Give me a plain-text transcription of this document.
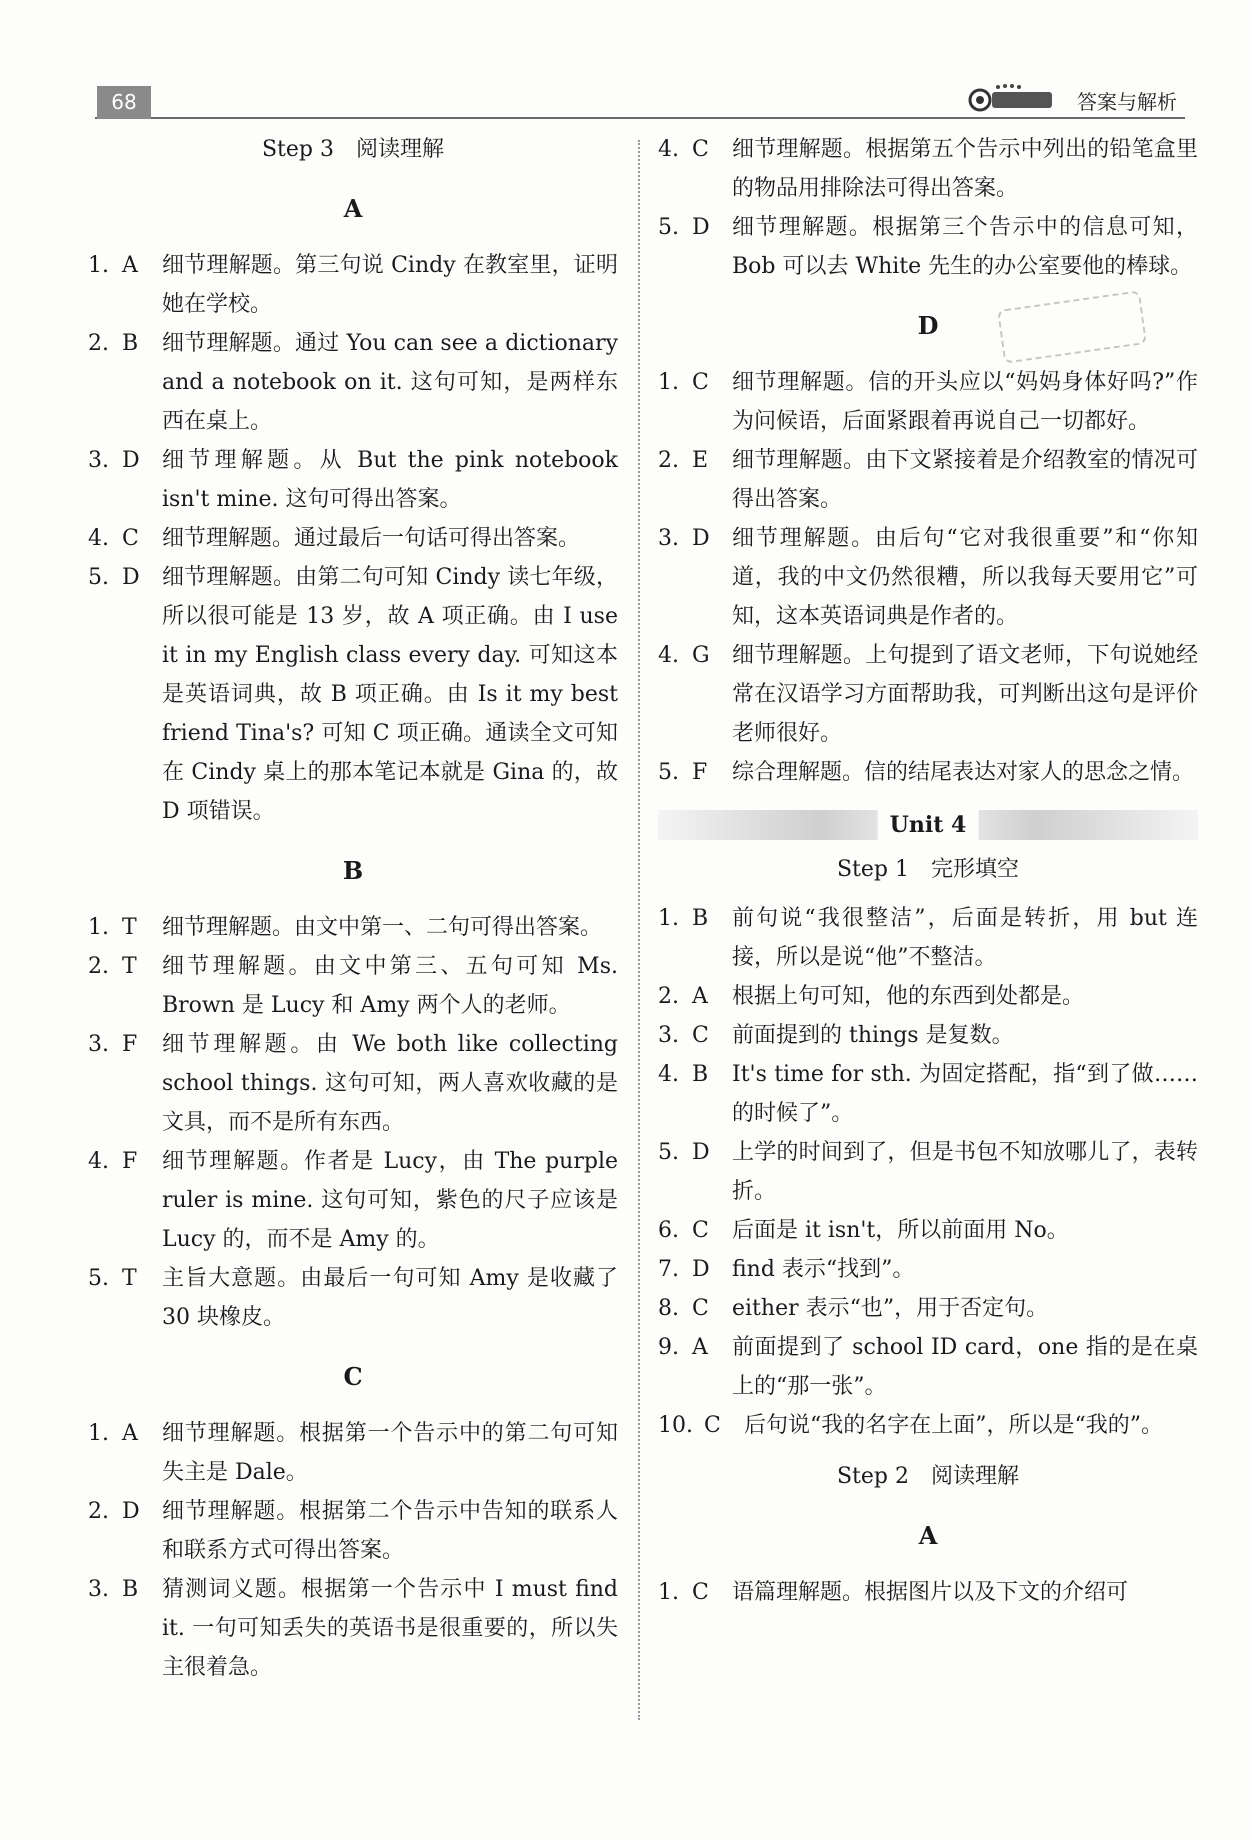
68	答案与解析
Step 3　阅读理解
A
1. A	细节理解题。第三句说 Cindy 在教室里，证明她在学校。
2. B	细节理解题。通过 You can see a dictionary and a notebook on it. 这句可知，是两样东西在桌上。
3. D	细节理解题。从 But the pink notebook isn't mine. 这句可得出答案。
4. C	细节理解题。通过最后一句话可得出答案。
5. D	细节理解题。由第二句可知 Cindy 读七年级，所以很可能是 13 岁，故 A 项正确。由 I use it in my English class every day. 可知这本是英语词典，故 B 项正确。由 Is it my best friend Tina's? 可知 C 项正确。通读全文可知在 Cindy 桌上的那本笔记本就是 Gina 的，故 D 项错误。
B
1. T	细节理解题。由文中第一、二句可得出答案。
2. T	细节理解题。由文中第三、五句可知 Ms. Brown 是 Lucy 和 Amy 两个人的老师。
3. F	细节理解题。由 We both like collecting school things. 这句可知，两人喜欢收藏的是文具，而不是所有东西。
4. F	细节理解题。作者是 Lucy，由 The purple ruler is mine. 这句可知，紫色的尺子应该是 Lucy 的，而不是 Amy 的。
5. T	主旨大意题。由最后一句可知 Amy 是收藏了 30 块橡皮。
C
1. A	细节理解题。根据第一个告示中的第二句可知失主是 Dale。
2. D	细节理解题。根据第二个告示中告知的联系人和联系方式可得出答案。
3. B	猜测词义题。根据第一个告示中 I must find it. 一句可知丢失的英语书是很重要的，所以失主很着急。
4. C	细节理解题。根据第五个告示中列出的铅笔盒里的物品用排除法可得出答案。
5. D	细节理解题。根据第三个告示中的信息可知，Bob 可以去 White 先生的办公室要他的棒球。
D
1. C	细节理解题。信的开头应以“妈妈身体好吗?”作为问候语，后面紧跟着再说自己一切都好。
2. E	细节理解题。由下文紧接着是介绍教室的情况可得出答案。
3. D	细节理解题。由后句“它对我很重要”和“你知道，我的中文仍然很糟，所以我每天要用它”可知，这本英语词典是作者的。
4. G	细节理解题。上句提到了语文老师，下句说她经常在汉语学习方面帮助我，可判断出这句是评价老师很好。
5. F	综合理解题。信的结尾表达对家人的思念之情。
Unit 4
Step 1　完形填空
1. B	前句说“我很整洁”，后面是转折，用 but 连接，所以是说“他”不整洁。
2. A	根据上句可知，他的东西到处都是。
3. C	前面提到的 things 是复数。
4. B	It's time for sth. 为固定搭配，指“到了做……的时候了”。
5. D	上学的时间到了，但是书包不知放哪儿了，表转折。
6. C	后面是 it isn't，所以前面用 No。
7. D	find 表示“找到”。
8. C	either 表示“也”，用于否定句。
9. A	前面提到了 school ID card，one 指的是在桌上的“那一张”。
10. C	后句说“我的名字在上面”，所以是“我的”。
Step 2　阅读理解
A
1. C	语篇理解题。根据图片以及下文的介绍可
